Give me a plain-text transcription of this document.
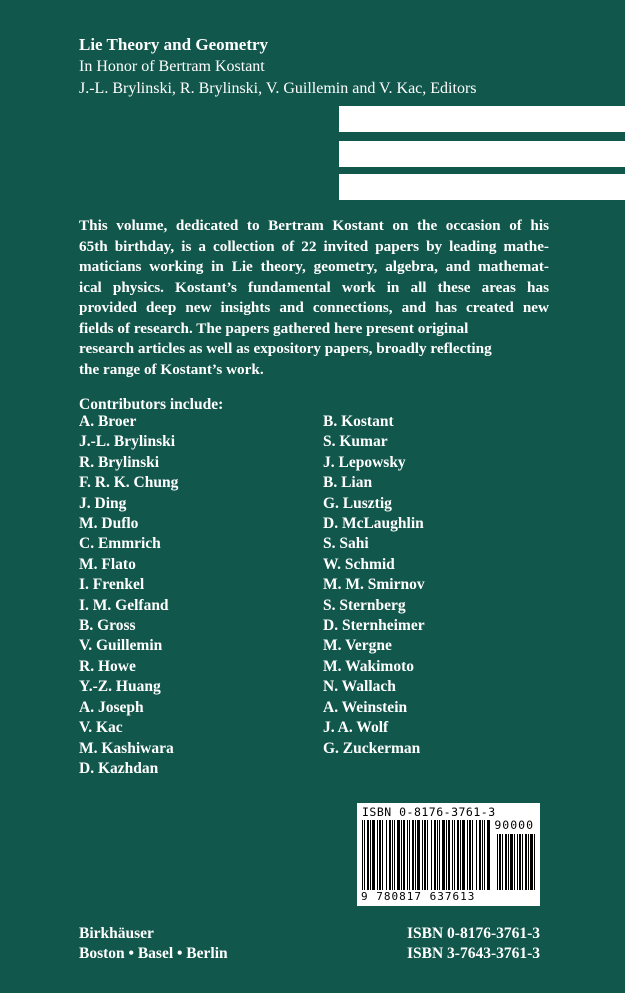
Lie Theory and Geometry
In Honor of Bertram Kostant
J.-L. Brylinski, R. Brylinski, V. Guillemin and V. Kac, Editors
This volume, dedicated to Bertram Kostant on the occasion of his
65th birthday, is a collection of 22 invited papers by leading mathe-
maticians working in Lie theory, geometry, algebra, and mathemat-
ical physics. Kostant’s fundamental work in all these areas has
provided deep new insights and connections, and has created new
fields of research. The papers gathered here present original
research articles as well as expository papers, broadly reflecting
the range of Kostant’s work.
Contributors include:
A. Broer
J.-L. Brylinski
R. Brylinski
F. R. K. Chung
J. Ding
M. Duflo
C. Emmrich
M. Flato
I. Frenkel
I. M. Gelfand
B. Gross
V. Guillemin
R. Howe
Y.-Z. Huang
A. Joseph
V. Kac
M. Kashiwara
D. Kazhdan
B. Kostant
S. Kumar
J. Lepowsky
B. Lian
G. Lusztig
D. McLaughlin
S. Sahi
W. Schmid
M. M. Smirnov
S. Sternberg
D. Sternheimer
M. Vergne
M. Wakimoto
N. Wallach
A. Weinstein
J. A. Wolf
G. Zuckerman
ISBN 0-8176-3761-3
90000
9 780817 637613
Birkhäuser
Boston • Basel • Berlin
ISBN 0-8176-3761-3
ISBN 3-7643-3761-3
